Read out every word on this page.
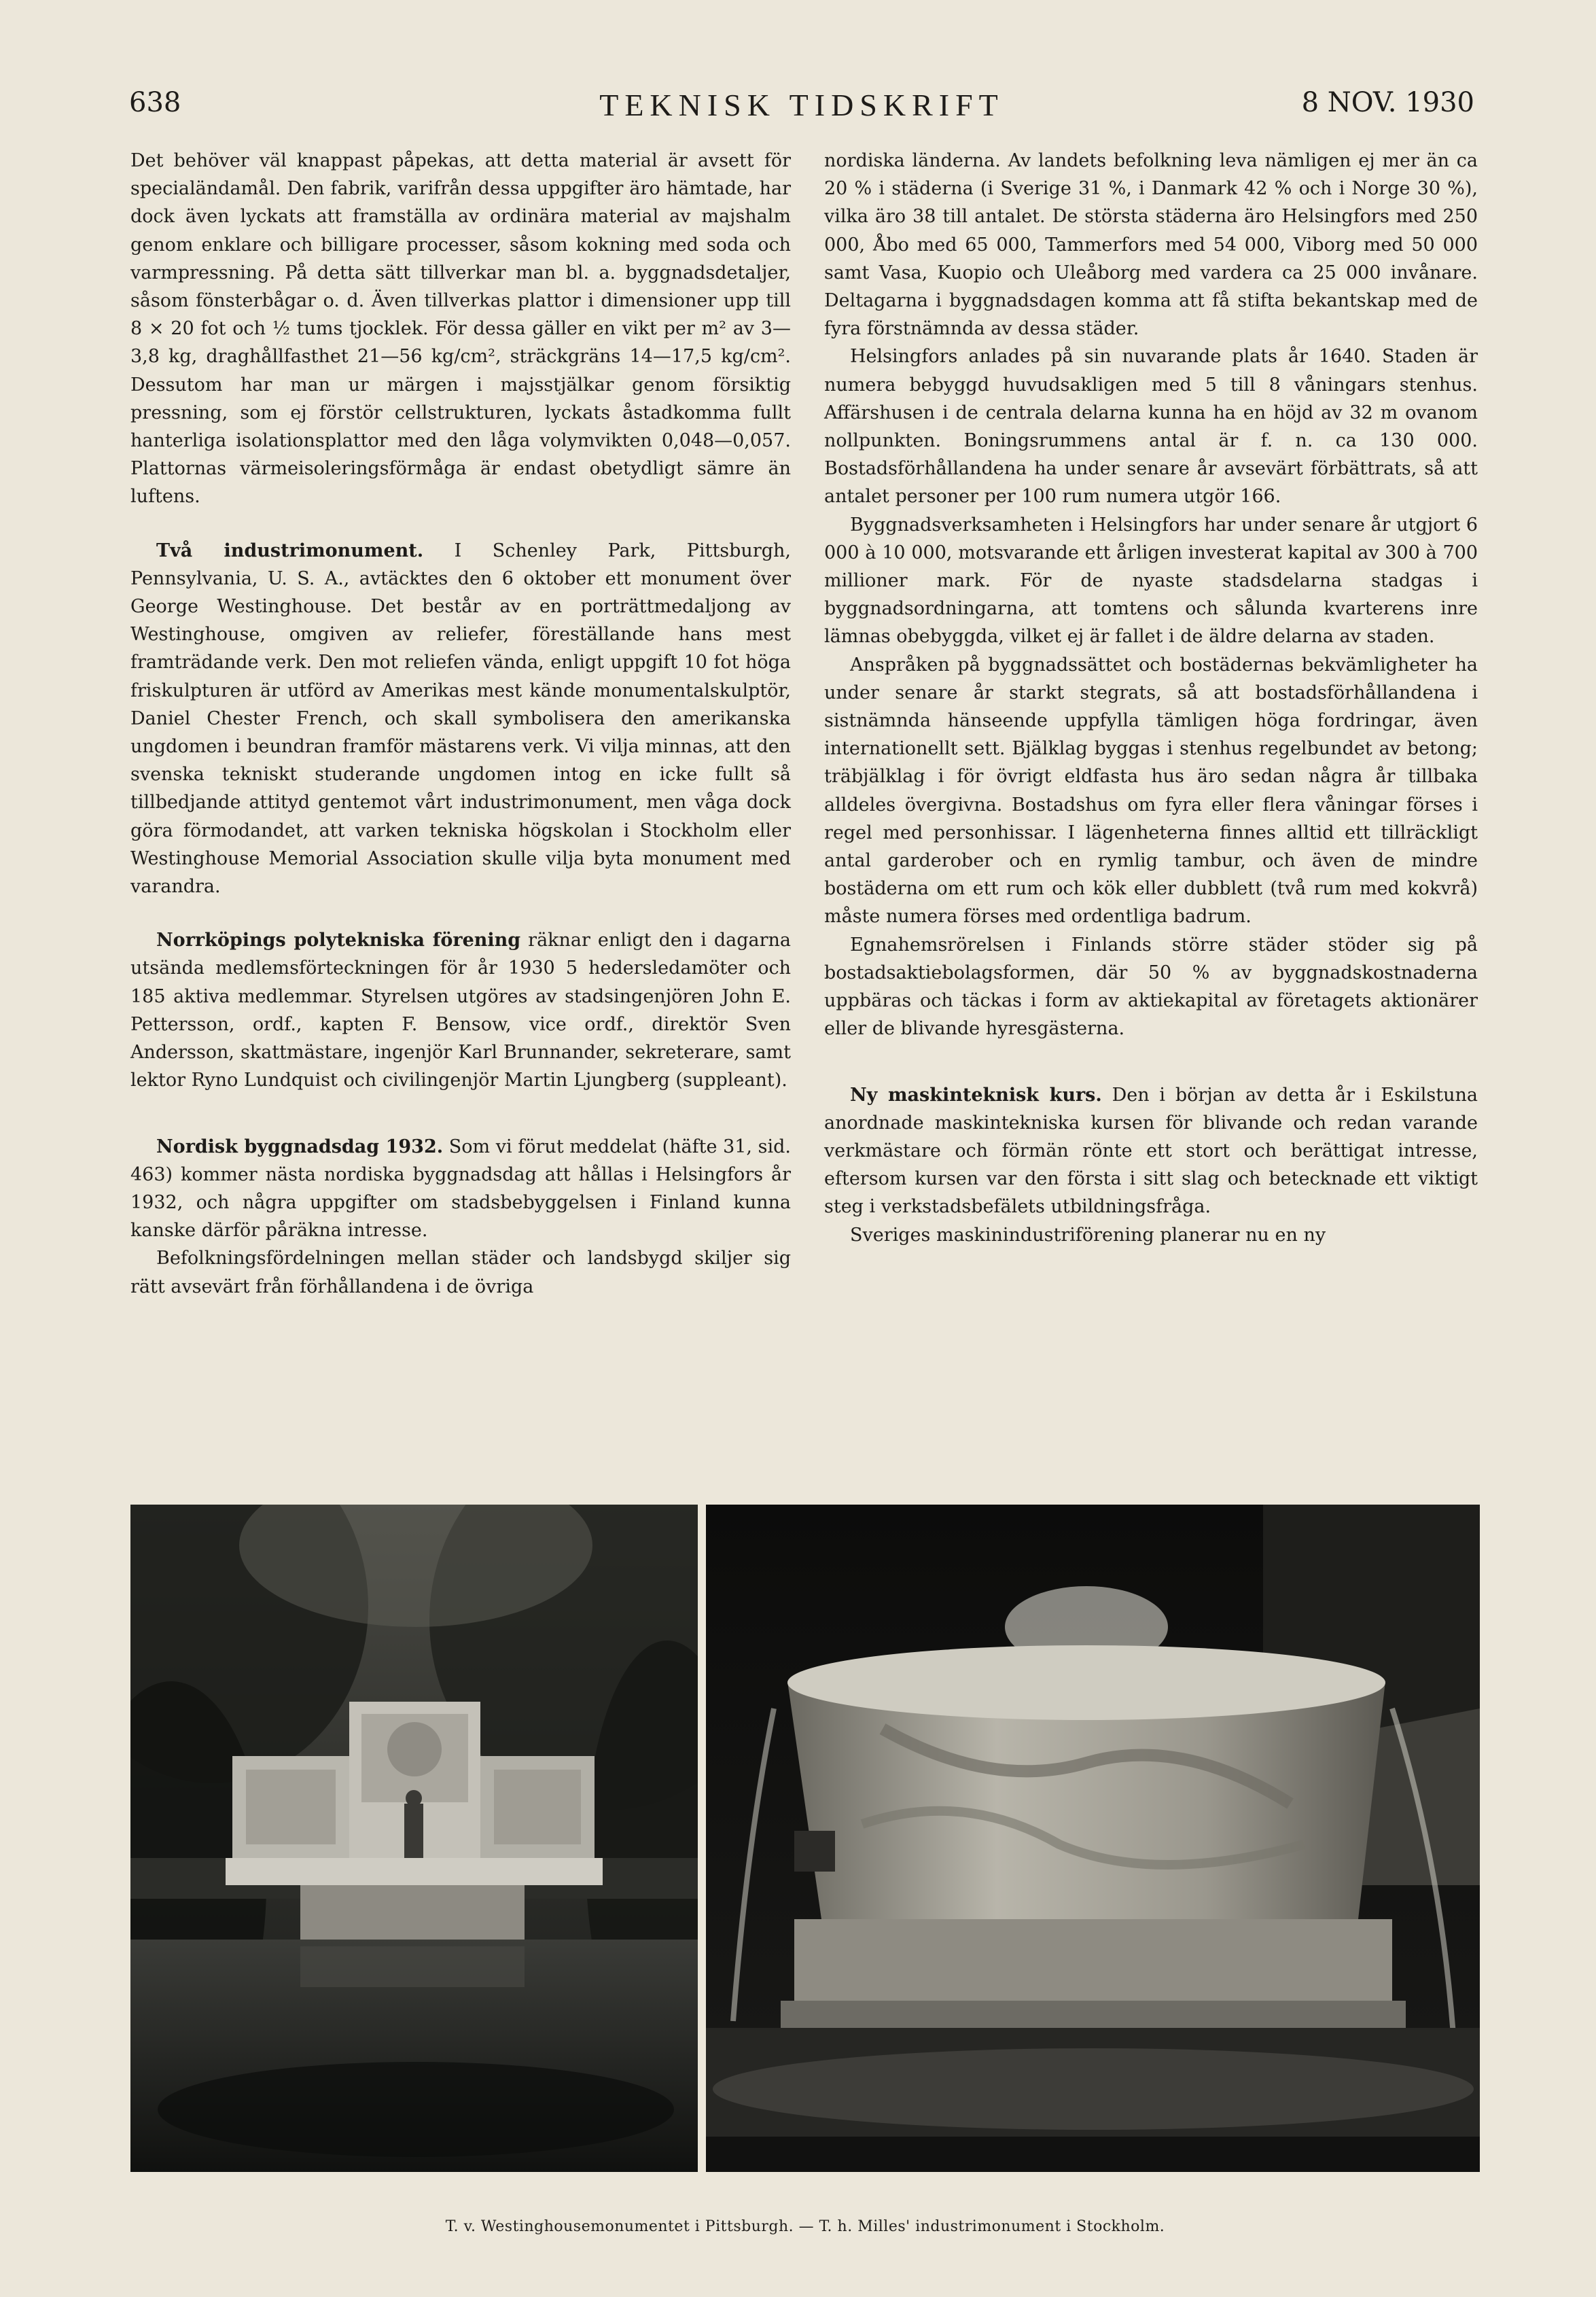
638	TEKNISK TIDSKRIFT	8 NOV. 1930

Det behöver väl knappast påpekas, att detta material är avsett för specialändamål. Den fabrik, varifrån dessa uppgifter äro hämtade, har dock även lyckats att framställa av ordinära material av majshalm genom enklare och billigare processer, såsom kokning med soda och varmpressning. På detta sätt tillverkar man bl. a. byggnadsdetaljer, såsom fönsterbågar o. d. Även tillverkas plattor i dimensioner upp till 8 × 20 fot och ½ tums tjocklek. För dessa gäller en vikt per m² av 3—3,8 kg, draghållfasthet 21—56 kg/cm², sträckgräns 14—17,5 kg/cm². Dessutom har man ur märgen i majsstjälkar genom försiktig pressning, som ej förstör cellstrukturen, lyckats åstadkomma fullt hanterliga isolationsplattor med den låga volymvikten 0,048—0,057. Plattornas värmeisoleringsförmåga är endast obetydligt sämre än luftens.

Två industrimonument. I Schenley Park, Pittsburgh, Pennsylvania, U. S. A., avtäcktes den 6 oktober ett monument över George Westinghouse. Det består av en porträttmedaljong av Westinghouse, omgiven av reliefer, föreställande hans mest framträdande verk. Den mot reliefen vända, enligt uppgift 10 fot höga friskulpturen är utförd av Amerikas mest kände monumentalskulptör, Daniel Chester French, och skall symbolisera den amerikanska ungdomen i beundran framför mästarens verk. Vi vilja minnas, att den svenska tekniskt studerande ungdomen intog en icke fullt så tillbedjande attityd gentemot vårt industrimonument, men våga dock göra förmodandet, att varken tekniska högskolan i Stockholm eller Westinghouse Memorial Association skulle vilja byta monument med varandra.

Norrköpings polytekniska förening räknar enligt den i dagarna utsända medlemsförteckningen för år 1930 5 hedersledamöter och 185 aktiva medlemmar. Styrelsen utgöres av stadsingenjören John E. Pettersson, ordf., kapten F. Bensow, vice ordf., direktör Sven Andersson, skattmästare, ingenjör Karl Brunnander, sekreterare, samt lektor Ryno Lundquist och civilingenjör Martin Ljungberg (suppleant).

Nordisk byggnadsdag 1932. Som vi förut meddelat (häfte 31, sid. 463) kommer nästa nordiska byggnadsdag att hållas i Helsingfors år 1932, och några uppgifter om stadsbebyggelsen i Finland kunna kanske därför påräkna intresse.

Befolkningsfördelningen mellan städer och landsbygd skiljer sig rätt avsevärt från förhållandena i de övriga

nordiska länderna. Av landets befolkning leva nämligen ej mer än ca 20 % i städerna (i Sverige 31 %, i Danmark 42 % och i Norge 30 %), vilka äro 38 till antalet. De största städerna äro Helsingfors med 250 000, Åbo med 65 000, Tammerfors med 54 000, Viborg med 50 000 samt Vasa, Kuopio och Uleåborg med vardera ca 25 000 invånare. Deltagarna i byggnadsdagen komma att få stifta bekantskap med de fyra förstnämnda av dessa städer.

Helsingfors anlades på sin nuvarande plats år 1640. Staden är numera bebyggd huvudsakligen med 5 till 8 våningars stenhus. Affärshusen i de centrala delarna kunna ha en höjd av 32 m ovanom nollpunkten. Boningsrummens antal är f. n. ca 130 000. Bostadsförhållandena ha under senare år avsevärt förbättrats, så att antalet personer per 100 rum numera utgör 166.

Byggnadsverksamheten i Helsingfors har under senare år utgjort 6 000 à 10 000, motsvarande ett årligen investerat kapital av 300 à 700 millioner mark. För de nyaste stadsdelarna stadgas i byggnadsordningarna, att tomtens och sålunda kvarterens inre lämnas obebyggda, vilket ej är fallet i de äldre delarna av staden.

Anspråken på byggnadssättet och bostädernas bekvämligheter ha under senare år starkt stegrats, så att bostadsförhållandena i sistnämnda hänseende uppfylla tämligen höga fordringar, även internationellt sett. Bjälklag byggas i stenhus regelbundet av betong; träbjälklag i för övrigt eldfasta hus äro sedan några år tillbaka alldeles övergivna. Bostadshus om fyra eller flera våningar förses i regel med personhissar. I lägenheterna finnes alltid ett tillräckligt antal garderober och en rymlig tambur, och även de mindre bostäderna om ett rum och kök eller dubblett (två rum med kokvrå) måste numera förses med ordentliga badrum.

Egnahemsrörelsen i Finlands större städer stöder sig på bostadsaktiebolagsformen, där 50 % av byggnadskostnaderna uppbäras och täckas i form av aktiekapital av företagets aktionärer eller de blivande hyresgästerna.

Ny maskinteknisk kurs. Den i början av detta år i Eskilstuna anordnade maskintekniska kursen för blivande och redan varande verkmästare och förmän rönte ett stort och berättigat intresse, eftersom kursen var den första i sitt slag och betecknade ett viktigt steg i verkstadsbefälets utbildningsfråga.

Sveriges maskinindustriförening planerar nu en ny

T. v. Westinghousemonumentet i Pittsburgh. — T. h. Milles' industrimonument i Stockholm.
